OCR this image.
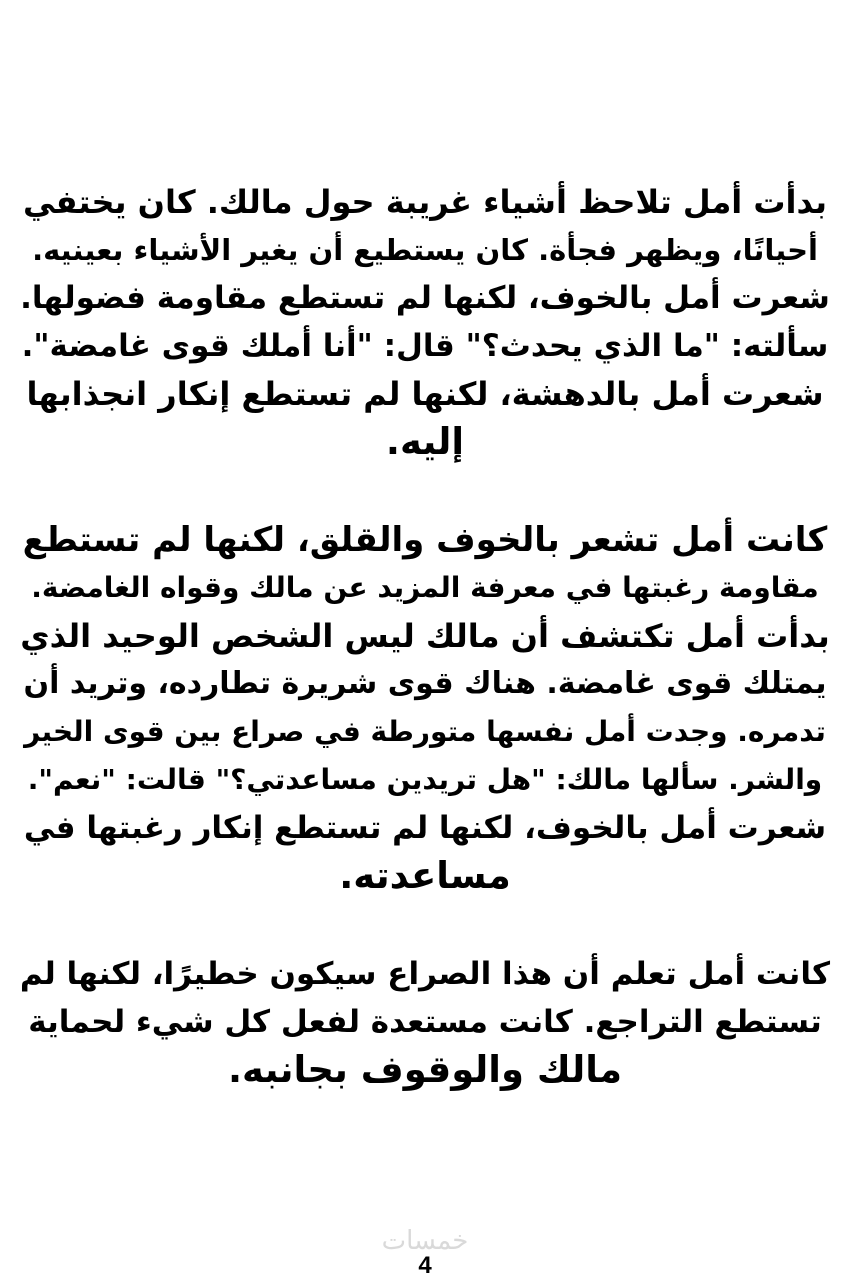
بدأت أمل تلاحظ أشياء غريبة حول مالك. كان يختفي
أحيانًا، ويظهر فجأة. كان يستطيع أن يغير الأشياء بعينيه.
شعرت أمل بالخوف، لكنها لم تستطع مقاومة فضولها.
سألته: "ما الذي يحدث؟" قال: "أنا أملك قوى غامضة".
شعرت أمل بالدهشة، لكنها لم تستطع إنكار انجذابها
إليه.
كانت أمل تشعر بالخوف والقلق، لكنها لم تستطع
مقاومة رغبتها في معرفة المزيد عن مالك وقواه الغامضة.
بدأت أمل تكتشف أن مالك ليس الشخص الوحيد الذي
يمتلك قوى غامضة. هناك قوى شريرة تطارده، وتريد أن
تدمره. وجدت أمل نفسها متورطة في صراع بين قوى الخير
والشر. سألها مالك: "هل تريدين مساعدتي؟" قالت: "نعم".
شعرت أمل بالخوف، لكنها لم تستطع إنكار رغبتها في
مساعدته.
كانت أمل تعلم أن هذا الصراع سيكون خطيرًا، لكنها لم
تستطع التراجع. كانت مستعدة لفعل كل شيء لحماية
مالك والوقوف بجانبه.
خمسات
4
